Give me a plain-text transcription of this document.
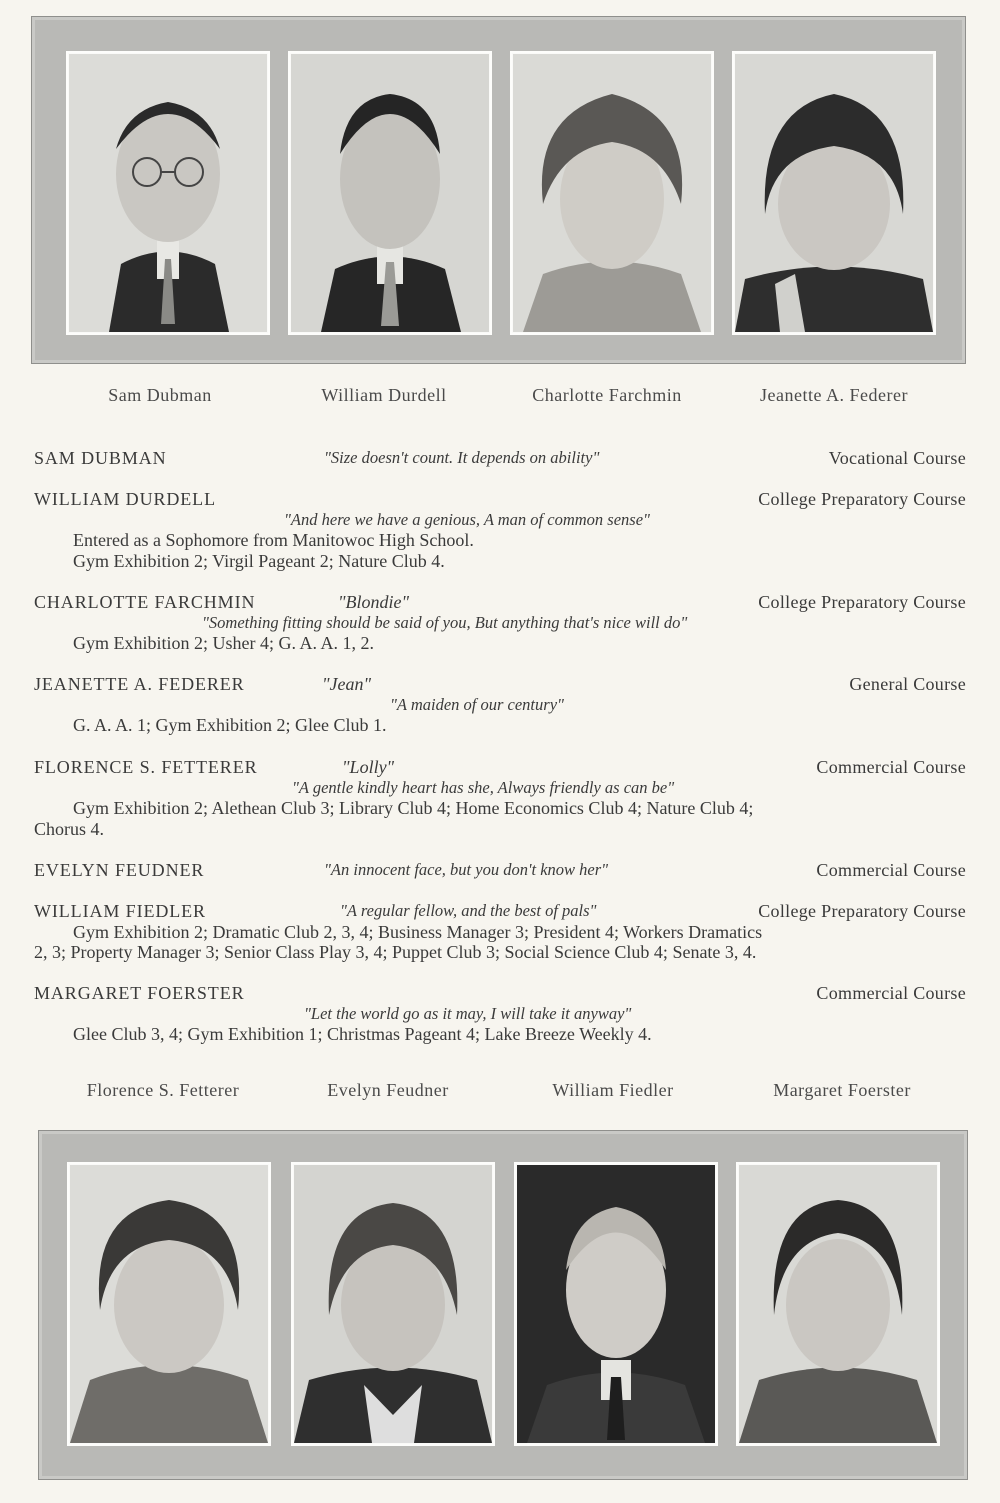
Sam Dubman	William Durdell	Charlotte Farchmin	Jeanette A. Federer
SAM DUBMAN	"Size doesn't count. It depends on ability"	Vocational Course
WILLIAM DURDELL	College Preparatory Course
"And here we have a genious, A man of common sense"
Entered as a Sophomore from Manitowoc High School.
Gym Exhibition 2; Virgil Pageant 2; Nature Club 4.
CHARLOTTE FARCHMIN	"Blondie"	College Preparatory Course
"Something fitting should be said of you, But anything that's nice will do"
Gym Exhibition 2; Usher 4; G. A. A. 1, 2.
JEANETTE A. FEDERER	"Jean"	General Course
"A maiden of our century"
G. A. A. 1; Gym Exhibition 2; Glee Club 1.
FLORENCE S. FETTERER	"Lolly"	Commercial Course
"A gentle kindly heart has she, Always friendly as can be"
Gym Exhibition 2; Alethean Club 3; Library Club 4; Home Economics Club 4; Nature Club 4;
Chorus 4.
EVELYN FEUDNER	"An innocent face, but you don't know her"	Commercial Course
WILLIAM FIEDLER	"A regular fellow, and the best of pals"	College Preparatory Course
Gym Exhibition 2; Dramatic Club 2, 3, 4; Business Manager 3; President 4; Workers Dramatics
2, 3; Property Manager 3; Senior Class Play 3, 4; Puppet Club 3; Social Science Club 4; Senate 3, 4.
MARGARET FOERSTER	Commercial Course
"Let the world go as it may, I will take it anyway"
Glee Club 3, 4; Gym Exhibition 1; Christmas Pageant 4; Lake Breeze Weekly 4.
Florence S. Fetterer	Evelyn Feudner	William Fiedler	Margaret Foerster
